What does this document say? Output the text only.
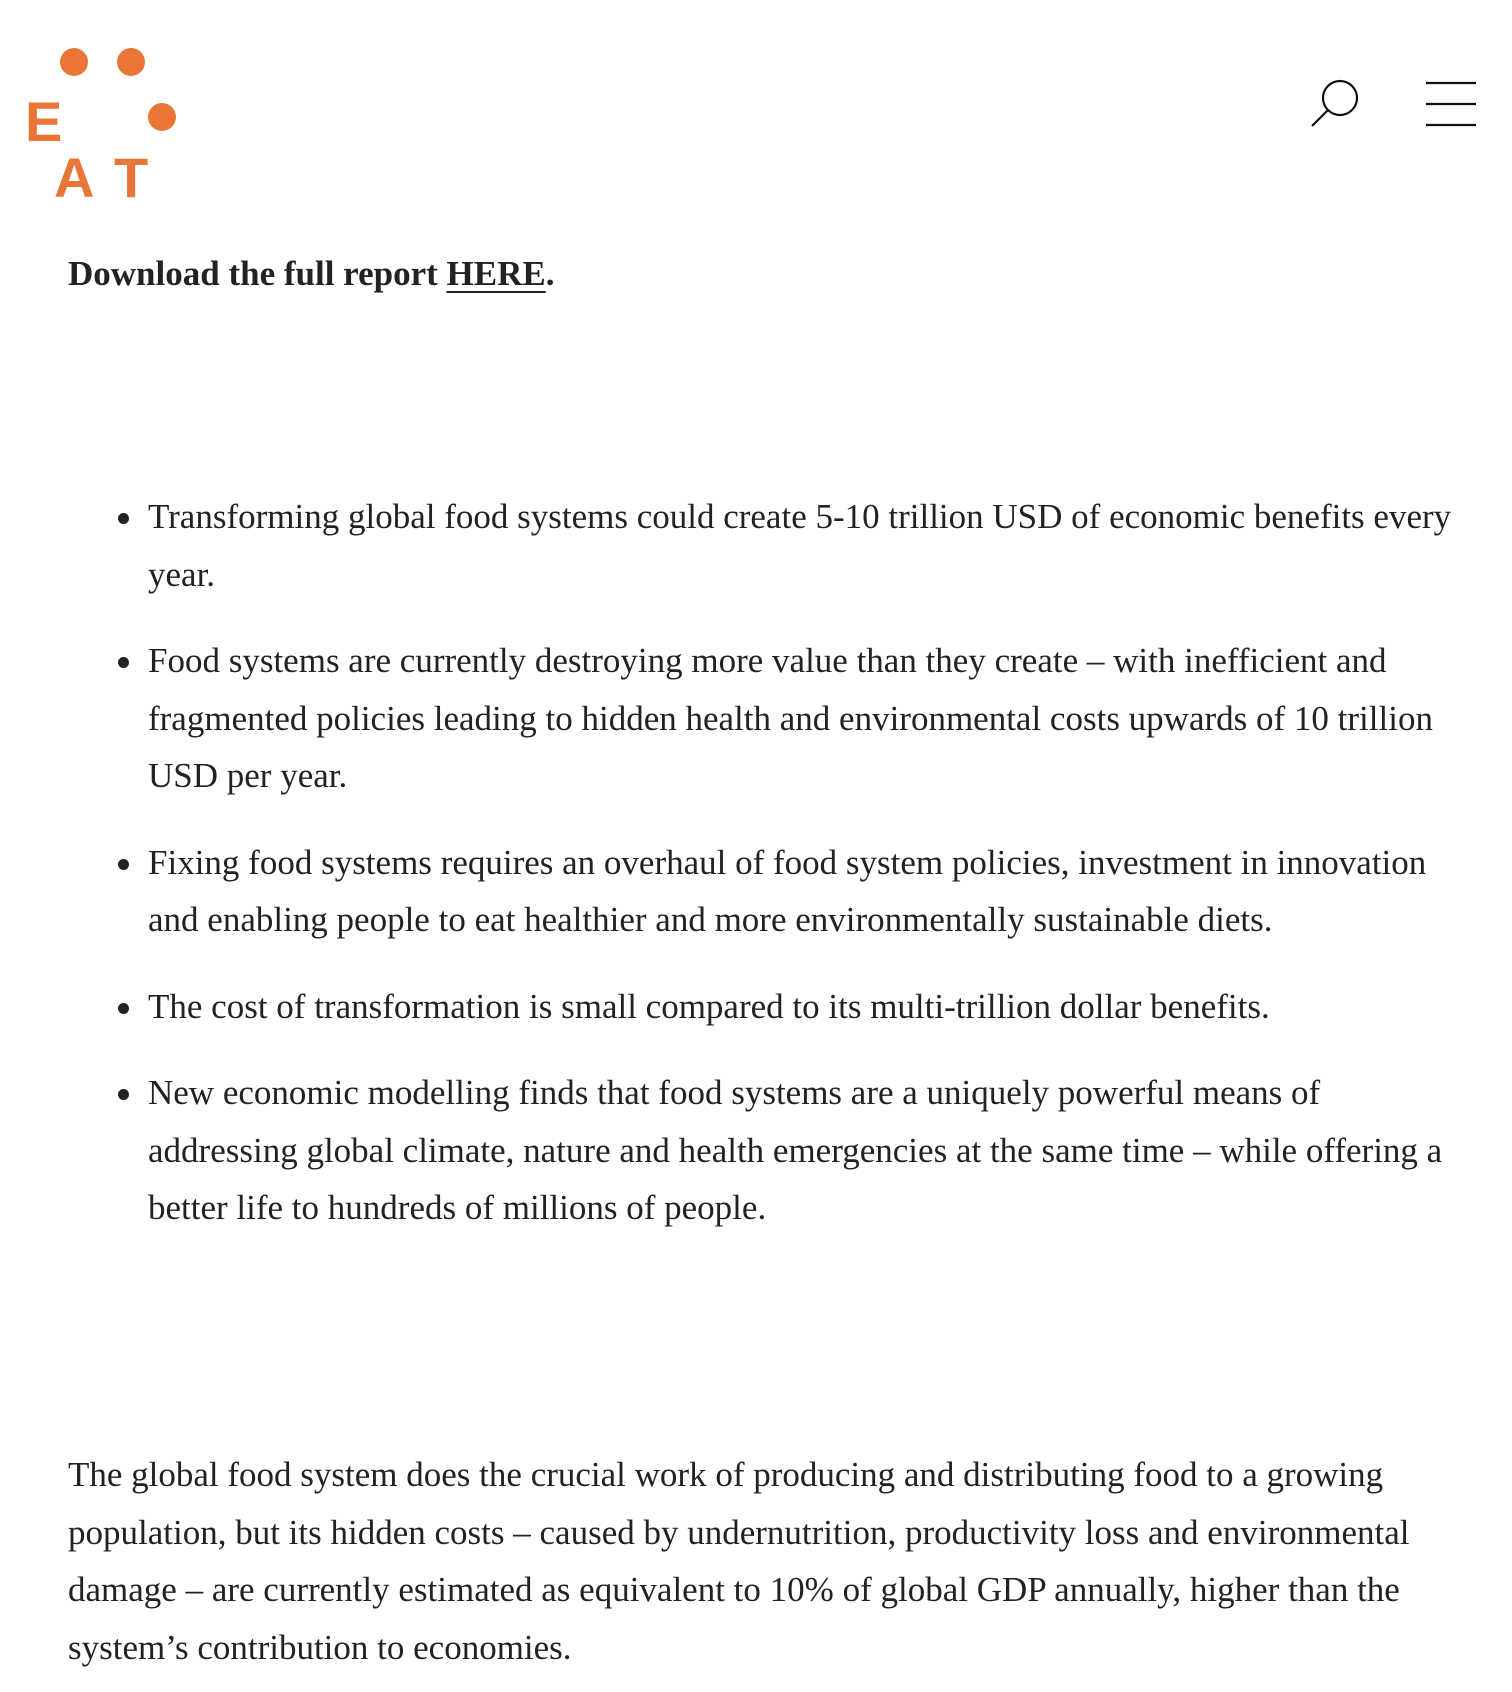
E
A T

Download the full report HERE.

Transforming global food systems could create 5-10 trillion USD of economic benefits every year.
Food systems are currently destroying more value than they create – with inefficient and fragmented policies leading to hidden health and environmental costs upwards of 10 trillion USD per year.
Fixing food systems requires an overhaul of food system policies, investment in innovation and enabling people to eat healthier and more environmentally sustainable diets.
The cost of transformation is small compared to its multi-trillion dollar benefits.
New economic modelling finds that food systems are a uniquely powerful means of addressing global climate, nature and health emergencies at the same time – while offering a better life to hundreds of millions of people.

The global food system does the crucial work of producing and distributing food to a growing population, but its hidden costs – caused by undernutrition, productivity loss and environmental damage – are currently estimated as equivalent to 10% of global GDP annually, higher than the system’s contribution to economies.
